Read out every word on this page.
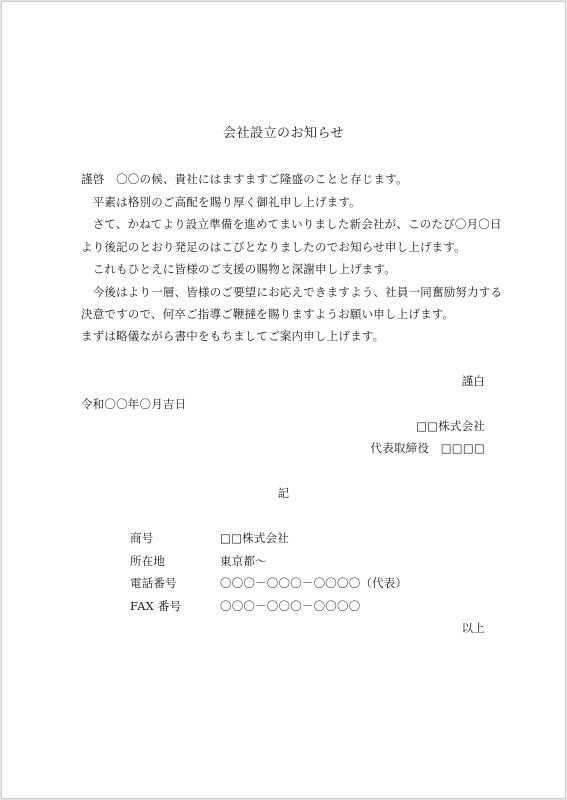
会社設立のお知らせ
謹啓　〇〇の候、貴社にはますますご隆盛のことと存じます。
　平素は格別のご高配を賜り厚く御礼申し上げます。
　さて、かねてより設立準備を進めてまいりました新会社が、このたび〇月〇日
より後記のとおり発足のはこびとなりましたのでお知らせ申し上げます。
　これもひとえに皆様のご支援の賜物と深謝申し上げます。
　今後はより一層、皆様のご要望にお応えできますよう、社員一同奮励努力する
決意ですので、何卒ご指導ご鞭撻を賜りますようお願い申し上げます。
まずは略儀ながら書中をもちましてご案内申し上げます。
謹白
令和〇〇年〇月吉日
□□株式会社
代表取締役　□□□□
記
商号	□□株式会社
所在地	東京都〜
電話番号	〇〇〇－〇〇〇－〇〇〇〇（代表）
FAX 番号	〇〇〇－〇〇〇－〇〇〇〇
以上
